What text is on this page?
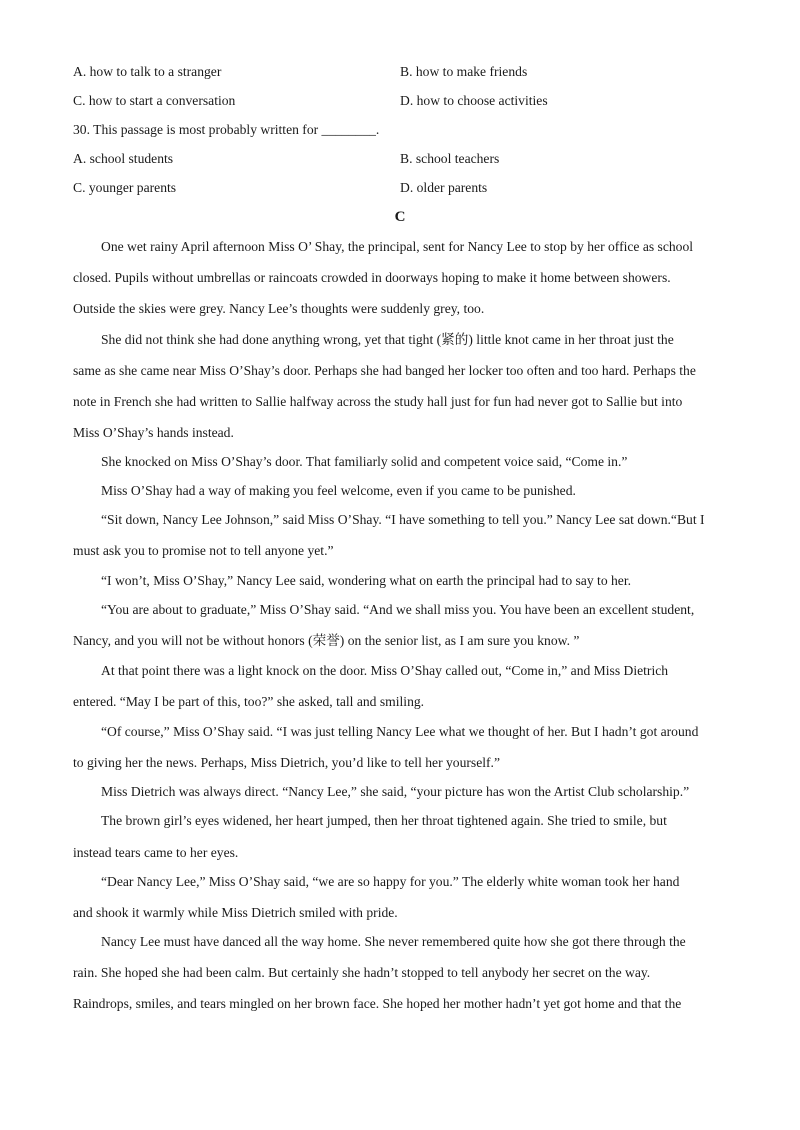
A. how to talk to a stranger	B. how to make friends
C. how to start a conversation	D. how to choose activities
30. This passage is most probably written for ________.
A. school students	B. school teachers
C. younger parents	D. older parents
C
One wet rainy April afternoon Miss O’ Shay, the principal, sent for Nancy Lee to stop by her office as school
closed. Pupils without umbrellas or raincoats crowded in doorways hoping to make it home between showers.
Outside the skies were grey. Nancy Lee’s thoughts were suddenly grey, too.
She did not think she had done anything wrong, yet that tight (紧的) little knot came in her throat just the
same as she came near Miss O’Shay’s door. Perhaps she had banged her locker too often and too hard. Perhaps the
note in French she had written to Sallie halfway across the study hall just for fun had never got to Sallie but into
Miss O’Shay’s hands instead.
She knocked on Miss O’Shay’s door. That familiarly solid and competent voice said, “Come in.”
Miss O’Shay had a way of making you feel welcome, even if you came to be punished.
“Sit down, Nancy Lee Johnson,” said Miss O’Shay. “I have something to tell you.” Nancy Lee sat down.“But I
must ask you to promise not to tell anyone yet.”
“I won’t, Miss O’Shay,” Nancy Lee said, wondering what on earth the principal had to say to her.
“You are about to graduate,” Miss O’Shay said. “And we shall miss you. You have been an excellent student,
Nancy, and you will not be without honors (荣誉) on the senior list, as I am sure you know. ”
At that point there was a light knock on the door. Miss O’Shay called out, “Come in,” and Miss Dietrich
entered. “May I be part of this, too?” she asked, tall and smiling.
“Of course,” Miss O’Shay said. “I was just telling Nancy Lee what we thought of her. But I hadn’t got around
to giving her the news. Perhaps, Miss Dietrich, you’d like to tell her yourself.”
Miss Dietrich was always direct. “Nancy Lee,” she said, “your picture has won the Artist Club scholarship.”
The brown girl’s eyes widened, her heart jumped, then her throat tightened again. She tried to smile, but
instead tears came to her eyes.
“Dear Nancy Lee,” Miss O’Shay said, “we are so happy for you.” The elderly white woman took her hand
and shook it warmly while Miss Dietrich smiled with pride.
Nancy Lee must have danced all the way home. She never remembered quite how she got there through the
rain. She hoped she had been calm. But certainly she hadn’t stopped to tell anybody her secret on the way.
Raindrops, smiles, and tears mingled on her brown face. She hoped her mother hadn’t yet got home and that the
